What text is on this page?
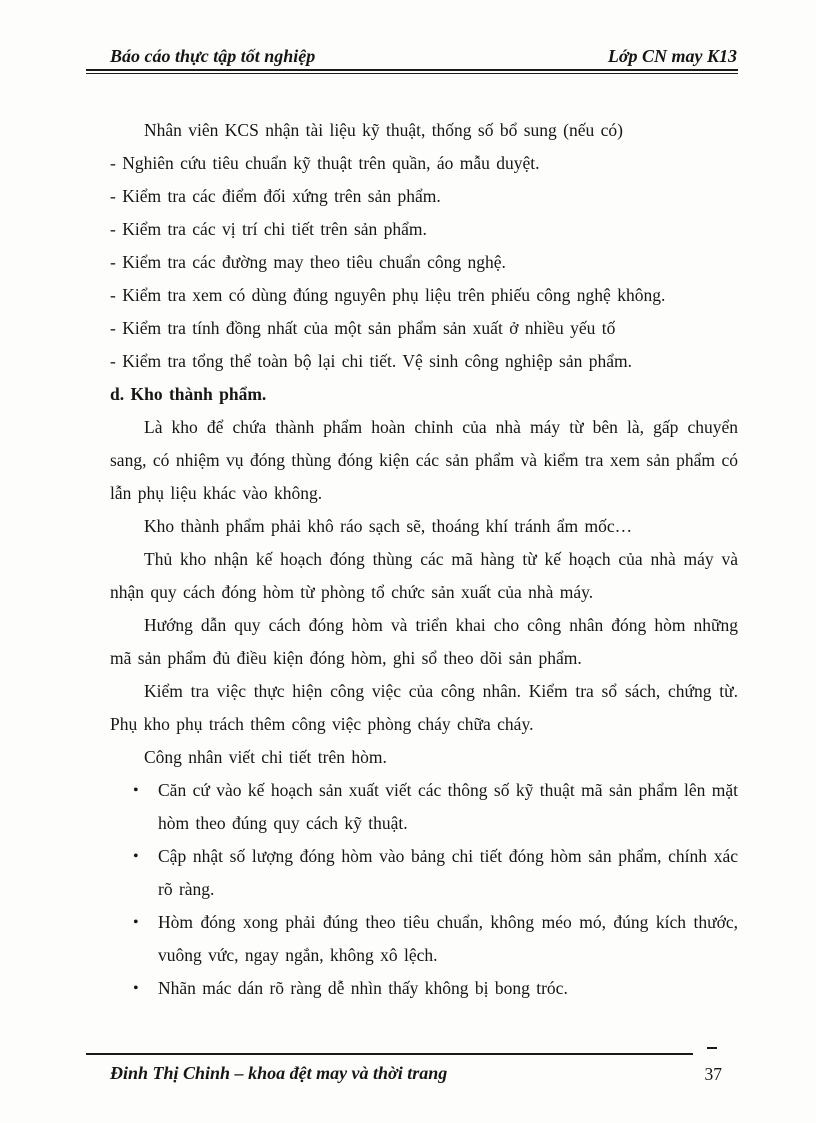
Báo cáo thực tập tốt nghiệp	Lớp CN may K13

Nhân viên KCS nhận tài liệu kỹ thuật, thống số bổ sung (nếu có)

- Nghiên cứu tiêu chuẩn kỹ thuật trên quần, áo mẫu duyệt.

- Kiểm tra các điểm đối xứng trên sản phẩm.

- Kiểm tra các vị trí chi tiết trên sản phẩm.

- Kiểm tra các đường may theo tiêu chuẩn công nghệ.

- Kiểm tra xem có dùng đúng nguyên phụ liệu trên phiếu công nghệ không.

- Kiểm tra tính đồng nhất của một sản phẩm sản xuất ở nhiều yếu tố

- Kiểm tra tổng thể toàn bộ lại chi tiết. Vệ sinh công nghiệp sản phẩm.

d. Kho thành phẩm.

Là kho để chứa thành phẩm hoàn chỉnh của nhà máy từ bên là, gấp chuyển sang, có nhiệm vụ đóng thùng đóng kiện các sản phẩm và kiểm tra xem sản phẩm có lẫn phụ liệu khác vào không.

Kho thành phẩm phải khô ráo sạch sẽ, thoáng khí tránh ẩm mốc…

Thủ kho nhận kế hoạch đóng thùng các mã hàng từ kế hoạch của nhà máy và nhận quy cách đóng hòm từ phòng tổ chức sản xuất của nhà máy.

Hướng dẫn quy cách đóng hòm và triển khai cho công nhân đóng hòm những mã sản phẩm đủ điều kiện đóng hòm, ghi sổ theo dõi sản phẩm.

Kiểm tra việc thực hiện công việc của công nhân. Kiểm tra sổ sách, chứng từ. Phụ kho phụ trách thêm công việc phòng cháy chữa cháy.

Công nhân viết chi tiết trên hòm.

• Căn cứ vào kế hoạch sản xuất viết các thông số kỹ thuật mã sản phẩm lên mặt hòm theo đúng quy cách kỹ thuật.
• Cập nhật số lượng đóng hòm vào bảng chi tiết đóng hòm sản phẩm, chính xác rõ ràng.
• Hòm đóng xong phải đúng theo tiêu chuẩn, không méo mó, đúng kích thước, vuông vức, ngay ngắn, không xô lệch.
• Nhãn mác dán rõ ràng dễ nhìn thấy không bị bong tróc.
Đinh Thị Chinh – khoa đệt may và thời trang	37
